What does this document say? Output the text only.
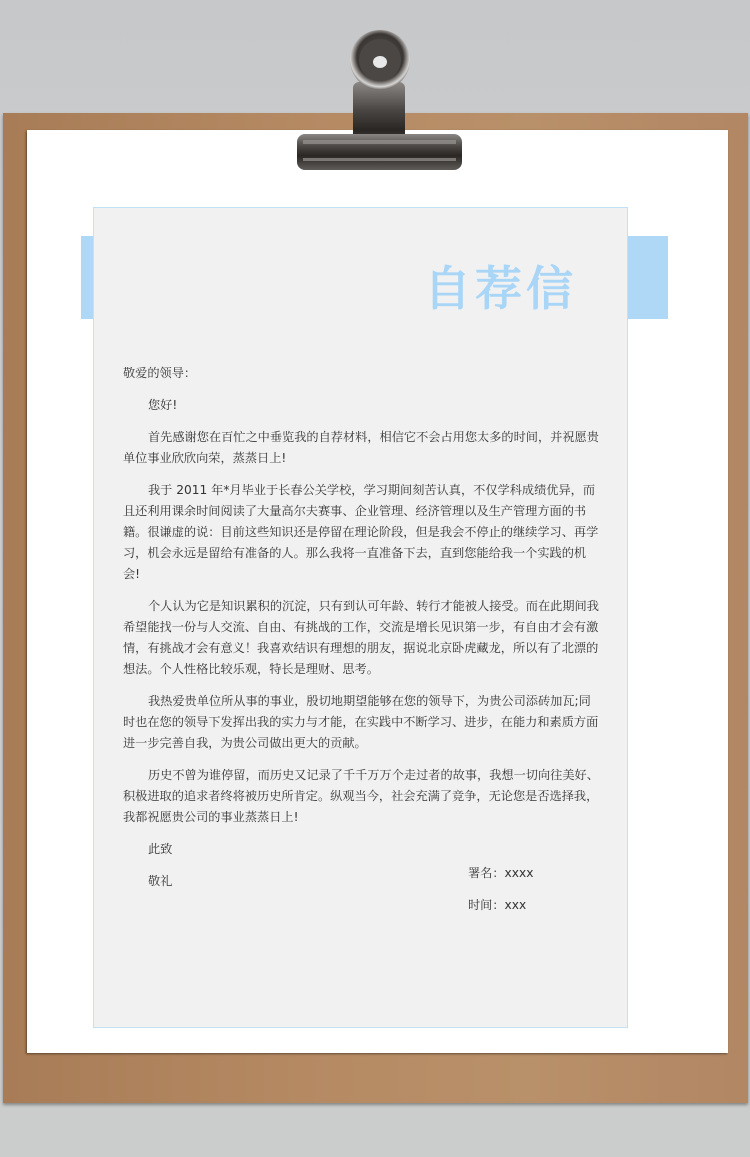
自荐信

敬爱的领导：

您好!

首先感谢您在百忙之中垂览我的自荐材料，相信它不会占用您太多的时间，并祝愿贵单位事业欣欣向荣，蒸蒸日上!

我于 2011 年*月毕业于长春公关学校，学习期间刻苦认真，不仅学科成绩优异，而且还利用课余时间阅读了大量高尔夫赛事、企业管理、经济管理以及生产管理方面的书籍。很谦虚的说：目前这些知识还是停留在理论阶段，但是我会不停止的继续学习、再学习，机会永远是留给有准备的人。那么我将一直准备下去，直到您能给我一个实践的机会!

个人认为它是知识累积的沉淀，只有到认可年龄、转行才能被人接受。而在此期间我希望能找一份与人交流、自由、有挑战的工作，交流是增长见识第一步，有自由才会有激情，有挑战才会有意义！我喜欢结识有理想的朋友，据说北京卧虎藏龙，所以有了北漂的想法。个人性格比较乐观，特长是理财、思考。

我热爱贵单位所从事的事业，殷切地期望能够在您的领导下，为贵公司添砖加瓦;同时也在您的领导下发挥出我的实力与才能，在实践中不断学习、进步，在能力和素质方面进一步完善自我，为贵公司做出更大的贡献。

历史不曾为谁停留，而历史又记录了千千万万个走过者的故事，我想一切向往美好、积极进取的追求者终将被历史所肯定。纵观当今，社会充满了竞争，无论您是否选择我，我都祝愿贵公司的事业蒸蒸日上!

此致

敬礼

署名：xxxx
时间：xxx
